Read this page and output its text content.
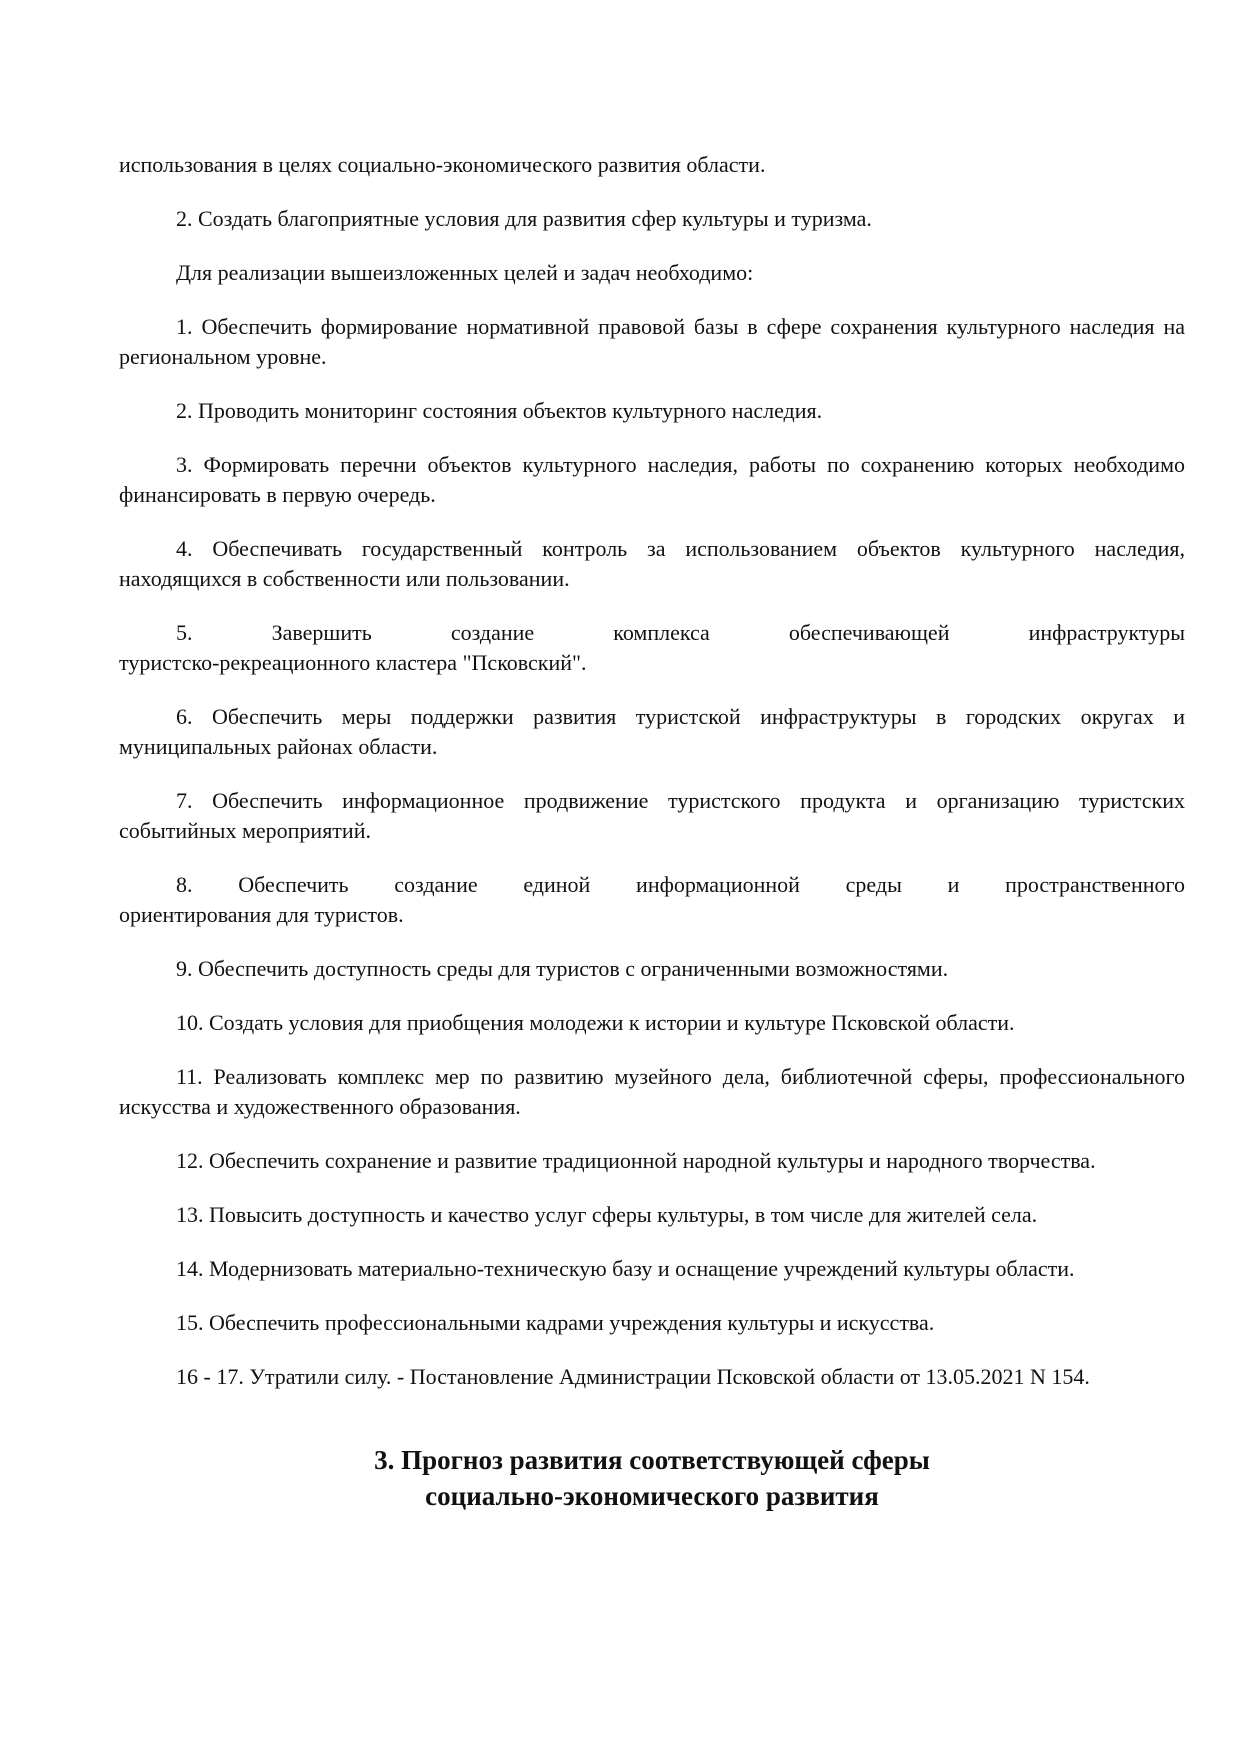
использования в целях социально-экономического развития области.

2. Создать благоприятные условия для развития сфер культуры и туризма.

Для реализации вышеизложенных целей и задач необходимо:

1. Обеспечить формирование нормативной правовой базы в сфере сохранения культурного наследия на региональном уровне.

2. Проводить мониторинг состояния объектов культурного наследия.

3. Формировать перечни объектов культурного наследия, работы по сохранению которых необходимо финансировать в первую очередь.

4. Обеспечивать государственный контроль за использованием объектов культурного наследия, находящихся в собственности или пользовании.

5. Завершить создание комплекса обеспечивающей инфраструктуры

туристско-рекреационного кластера "Псковский".

6. Обеспечить меры поддержки развития туристской инфраструктуры в городских округах и муниципальных районах области.

7. Обеспечить информационное продвижение туристского продукта и организацию туристских событийных мероприятий.

8. Обеспечить создание единой информационной среды и пространственного

ориентирования для туристов.

9. Обеспечить доступность среды для туристов с ограниченными возможностями.

10. Создать условия для приобщения молодежи к истории и культуре Псковской области.

11. Реализовать комплекс мер по развитию музейного дела, библиотечной сферы, профессионального искусства и художественного образования.

12. Обеспечить сохранение и развитие традиционной народной культуры и народного творчества.

13. Повысить доступность и качество услуг сферы культуры, в том числе для жителей села.

14. Модернизовать материально-техническую базу и оснащение учреждений культуры области.

15. Обеспечить профессиональными кадрами учреждения культуры и искусства.

16 - 17. Утратили силу. - Постановление Администрации Псковской области от 13.05.2021 N 154.

3. Прогноз развития соответствующей сферы
социально-экономического развития
